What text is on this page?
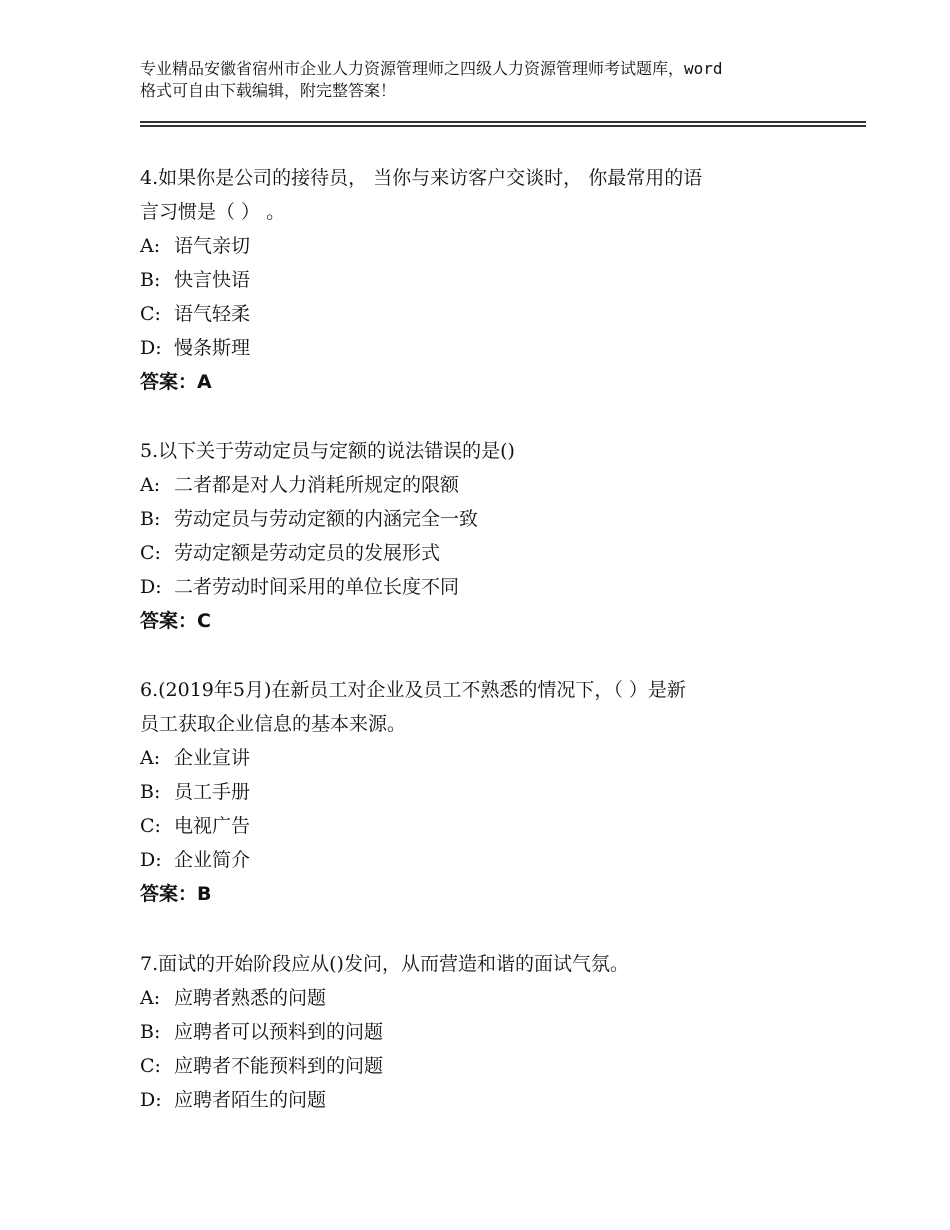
专业精品安徽省宿州市企业人力资源管理师之四级人力资源管理师考试题库，word
格式可自由下载编辑，附完整答案！
4.如果你是公司的接待员， 当你与来访客户交谈时， 你最常用的语
言习惯是（ ） 。
A: 语气亲切
B: 快言快语
C: 语气轻柔
D: 慢条斯理
答案：A
5.以下关于劳动定员与定额的说法错误的是()
A: 二者都是对人力消耗所规定的限额
B: 劳动定员与劳动定额的内涵完全一致
C: 劳动定额是劳动定员的发展形式
D: 二者劳动时间采用的单位长度不同
答案：C
6.(2019年5月)在新员工对企业及员工不熟悉的情况下，（ ）是新
员工获取企业信息的基本来源。
A: 企业宣讲
B: 员工手册
C: 电视广告
D: 企业简介
答案：B
7.面试的开始阶段应从()发问，从而营造和谐的面试气氛。
A: 应聘者熟悉的问题
B: 应聘者可以预料到的问题
C: 应聘者不能预料到的问题
D: 应聘者陌生的问题
